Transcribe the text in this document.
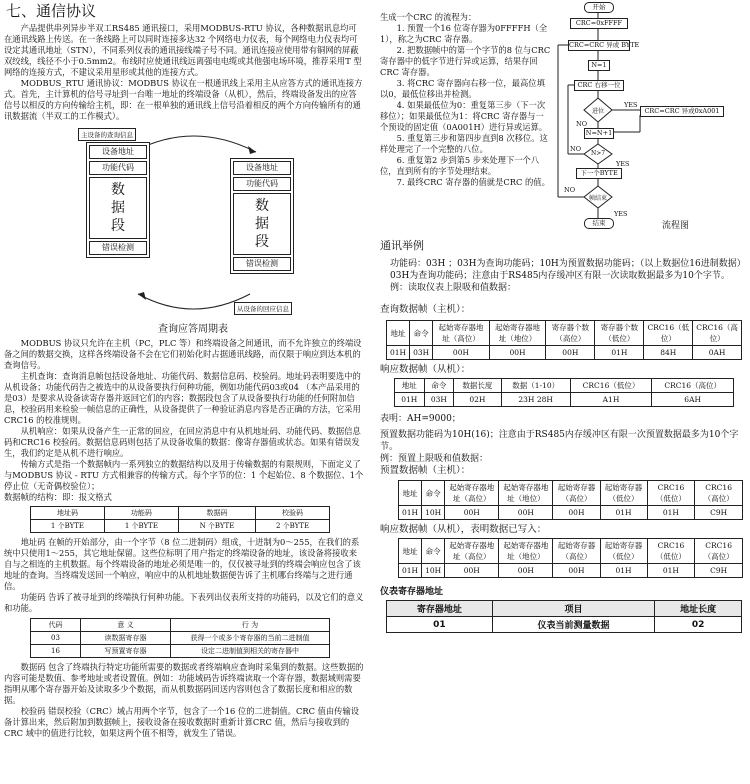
七、通信协议

产品提供串列异步半双工RS485 通讯接口，采用MODBUS-RTU 协议，各种数据讯息均可在通讯线路上传送。在一条线路上可以同时连接多达32 个网络电力仪表，每个网络电力仪表均可设定其通讯地址（STN），不同系列仪表的通讯接线端子号不同。通讯连接应使用带有铜网的屏蔽双绞线，线径不小于0.5mm2。布线时应使通讯线远离强电电缆或其他强电场环境，推荐采用T 型网络的连接方式，不建议采用星形或其他的连接方式。

MODBUS_RTU 通讯协议：MODBUS 协议在一根通讯线上采用主从应答方式的通讯连接方式。首先，主计算机的信号寻址到一台唯一地址的终端设备（从机），然后，终端设备发出的应答信号以相反的方向传输给主机，即：在一根单独的通讯线上信号沿着相反的两个方向传输所有的通讯数据流（半双工的工作模式）。

主设备的查询信息
设备地址
功能代码
数
据
段
错误检测
设备地址
功能代码
数
据
段
错误检测
从设备的回应信息
查询应答周期表

MODBUS 协议只允许在主机（PC，PLC 等）和终端设备之间通讯，而不允许独立的终端设备之间的数据交换，这样各终端设备不会在它们初始化时占据通讯线路，而仅限于响应到达本机的查询信号。

主机查询：查询消息帧包括设备地址、功能代码、数据信息码、校验码。地址码表明要选中的从机设备；功能代码告之被选中的从设备要执行何种功能，例如功能代码03或04 （本产品采用的是03）是要求从设备读寄存器并返回它们的内容；数据段包含了从设备要执行功能的任何附加信息，校验码用来检验一帧信息的正确性，从设备提供了一种验证消息内容是否正确的方法，它采用CRC16 的校准规则。

从机响应：如果从设备产生一正常的回应，在回应消息中有从机地址码、功能代码、数据信息码和CRC16 校验码。数据信息码则包括了从设备收集的数据：像寄存器值或状态。如果有错误发生，我们约定是从机不进行响应。

传输方式是指一个数据帧内一系列独立的数据结构以及用于传输数据的有限规则，下面定义了与MODBUS 协议 - RTU 方式相兼容的传输方式。每个字节的位：1 个起始位、8 个数据位、1个停止位（无奇偶校验位）；

数据帧的结构：即：报文格式

地址码	功能码	数据码	校验码
1 个BYTE	1 个BYTE	N 个BYTE	2 个BYTE

地址码 在帧的开始部分，由一个字节（8 位二进制码）组成，十进制为0～255，在我们的系统中只使用1～255，其它地址保留。这些位标明了用户指定的终端设备的地址，该设备将接收来自与之相连的主机数据。每个终端设备的地址必须是唯一的，仅仅被寻址到的终端会响应包含了该地址的查询。当终端发送回一个响应，响应中的从机地址数据便告诉了主机哪台终端与之进行通信。

功能码 告诉了被寻址到的终端执行何种功能。下表列出仪表所支持的功能码，以及它们的意义和功能。

代码	意 义	行 为
03	读数据寄存器	获得一个或多个寄存器的当前二进制值
16	写预置寄存器	设定二进制值到相关的寄存器中

数据码 包含了终端执行特定功能所需要的数据或者终端响应查询时采集到的数据。这些数据的内容可能是数值、参考地址或者设置值。例如：功能域码告诉终端读取一个寄存器，数据域则需要指明从哪个寄存器开始及读取多少个数据，而从机数据码回送内容则包含了数据长度和相应的数据。

校验码 错误校验（CRC）域占用两个字节，包含了一个16 位的二进制值。CRC 值由传输设备计算出来，然后附加到数据帧上，接收设备在接收数据时重新计算CRC 值，然后与接收到的CRC 域中的值进行比较，如果这两个值不相等，就发生了错误。

生成一个CRC 的流程为：

1. 预置一个16 位寄存器为0FFFFH（全1），称之为CRC 寄存器。

2. 把数据帧中的第一个字节的8 位与CRC 寄存器中的低字节进行异或运算，结果存回CRC 寄存器。

3. 将CRC 寄存器向右移一位，最高位填以0，最低位移出并检测。

4. 如果最低位为0：重复第三步（下一次移位）；如果最低位为1：将CRC 寄存器与一个预设的固定值（0A001H）进行异或运算。

5. 重复第三步和第四步直到8 次移位。这样处理完了一个完整的八位。

6. 重复第2 步到第5 步来处理下一个八位，直到所有的字节处理结束。

7. 最终CRC 寄存器的值就是CRC 的值。

开始
CRC=0xFFFF
CRC=CRC 异或 BYTE
N=1
CRC 右移一位
进位
YES
NO
CRC=CRC 异或0xA001
N=N+1
N>7
YES
NO
下一个BYTE
帧结束
YES
NO
结束	流程图
通讯举例
功能码：03H ；03H为查询功能码；10H为预置数据功能码；（以上数据位16进制数据）
03H为查询功能码；注意由于RS485内存缓冲区有限一次读取数据最多为10个字节。
例：读取仪表上限吸和值数据：
查询数据帧（主机）：
地址	命令	起始寄存器地址（高位）	起始寄存器地址（地位）	寄存器个数（高位）	寄存器个数（低位）	CRC16（低位）	CRC16（高位）
01H	03H	00H	00H	00H	01H	84H	0AH
响应数据帧（从机）：
地址	命令	数据长度	数据（1-10）	CRC16（低位）	CRC16（高位）
01H	03H	02H	23H 28H	A1H	6AH
表明：AH=9000；
预置数据功能码为10H(16)；注意由于RS485内存缓冲区有限一次预置数据最多为10个字节。
例：预置上限吸和值数据：
预置数据帧（主机）：
地址	命令	起始寄存器地址（高位）	起始寄存器地址（地位）	起始寄存器（高位）	起始寄存器（低位）	CRC16（低位）	CRC16（高位）
01H	10H	00H	00H	00H	01H	01H	C9H
响应数据帧（从机），表明数据已写入：
地址	命令	起始寄存器地址（高位）	起始寄存器地址（地位）	起始寄存器（高位）	起始寄存器（低位）	CRC16（低位）	CRC16（高位）
01H	10H	00H	00H	00H	01H	01H	C9H
仪表寄存器地址
寄存器地址	项目	地址长度
01	仪表当前测量数据	02
